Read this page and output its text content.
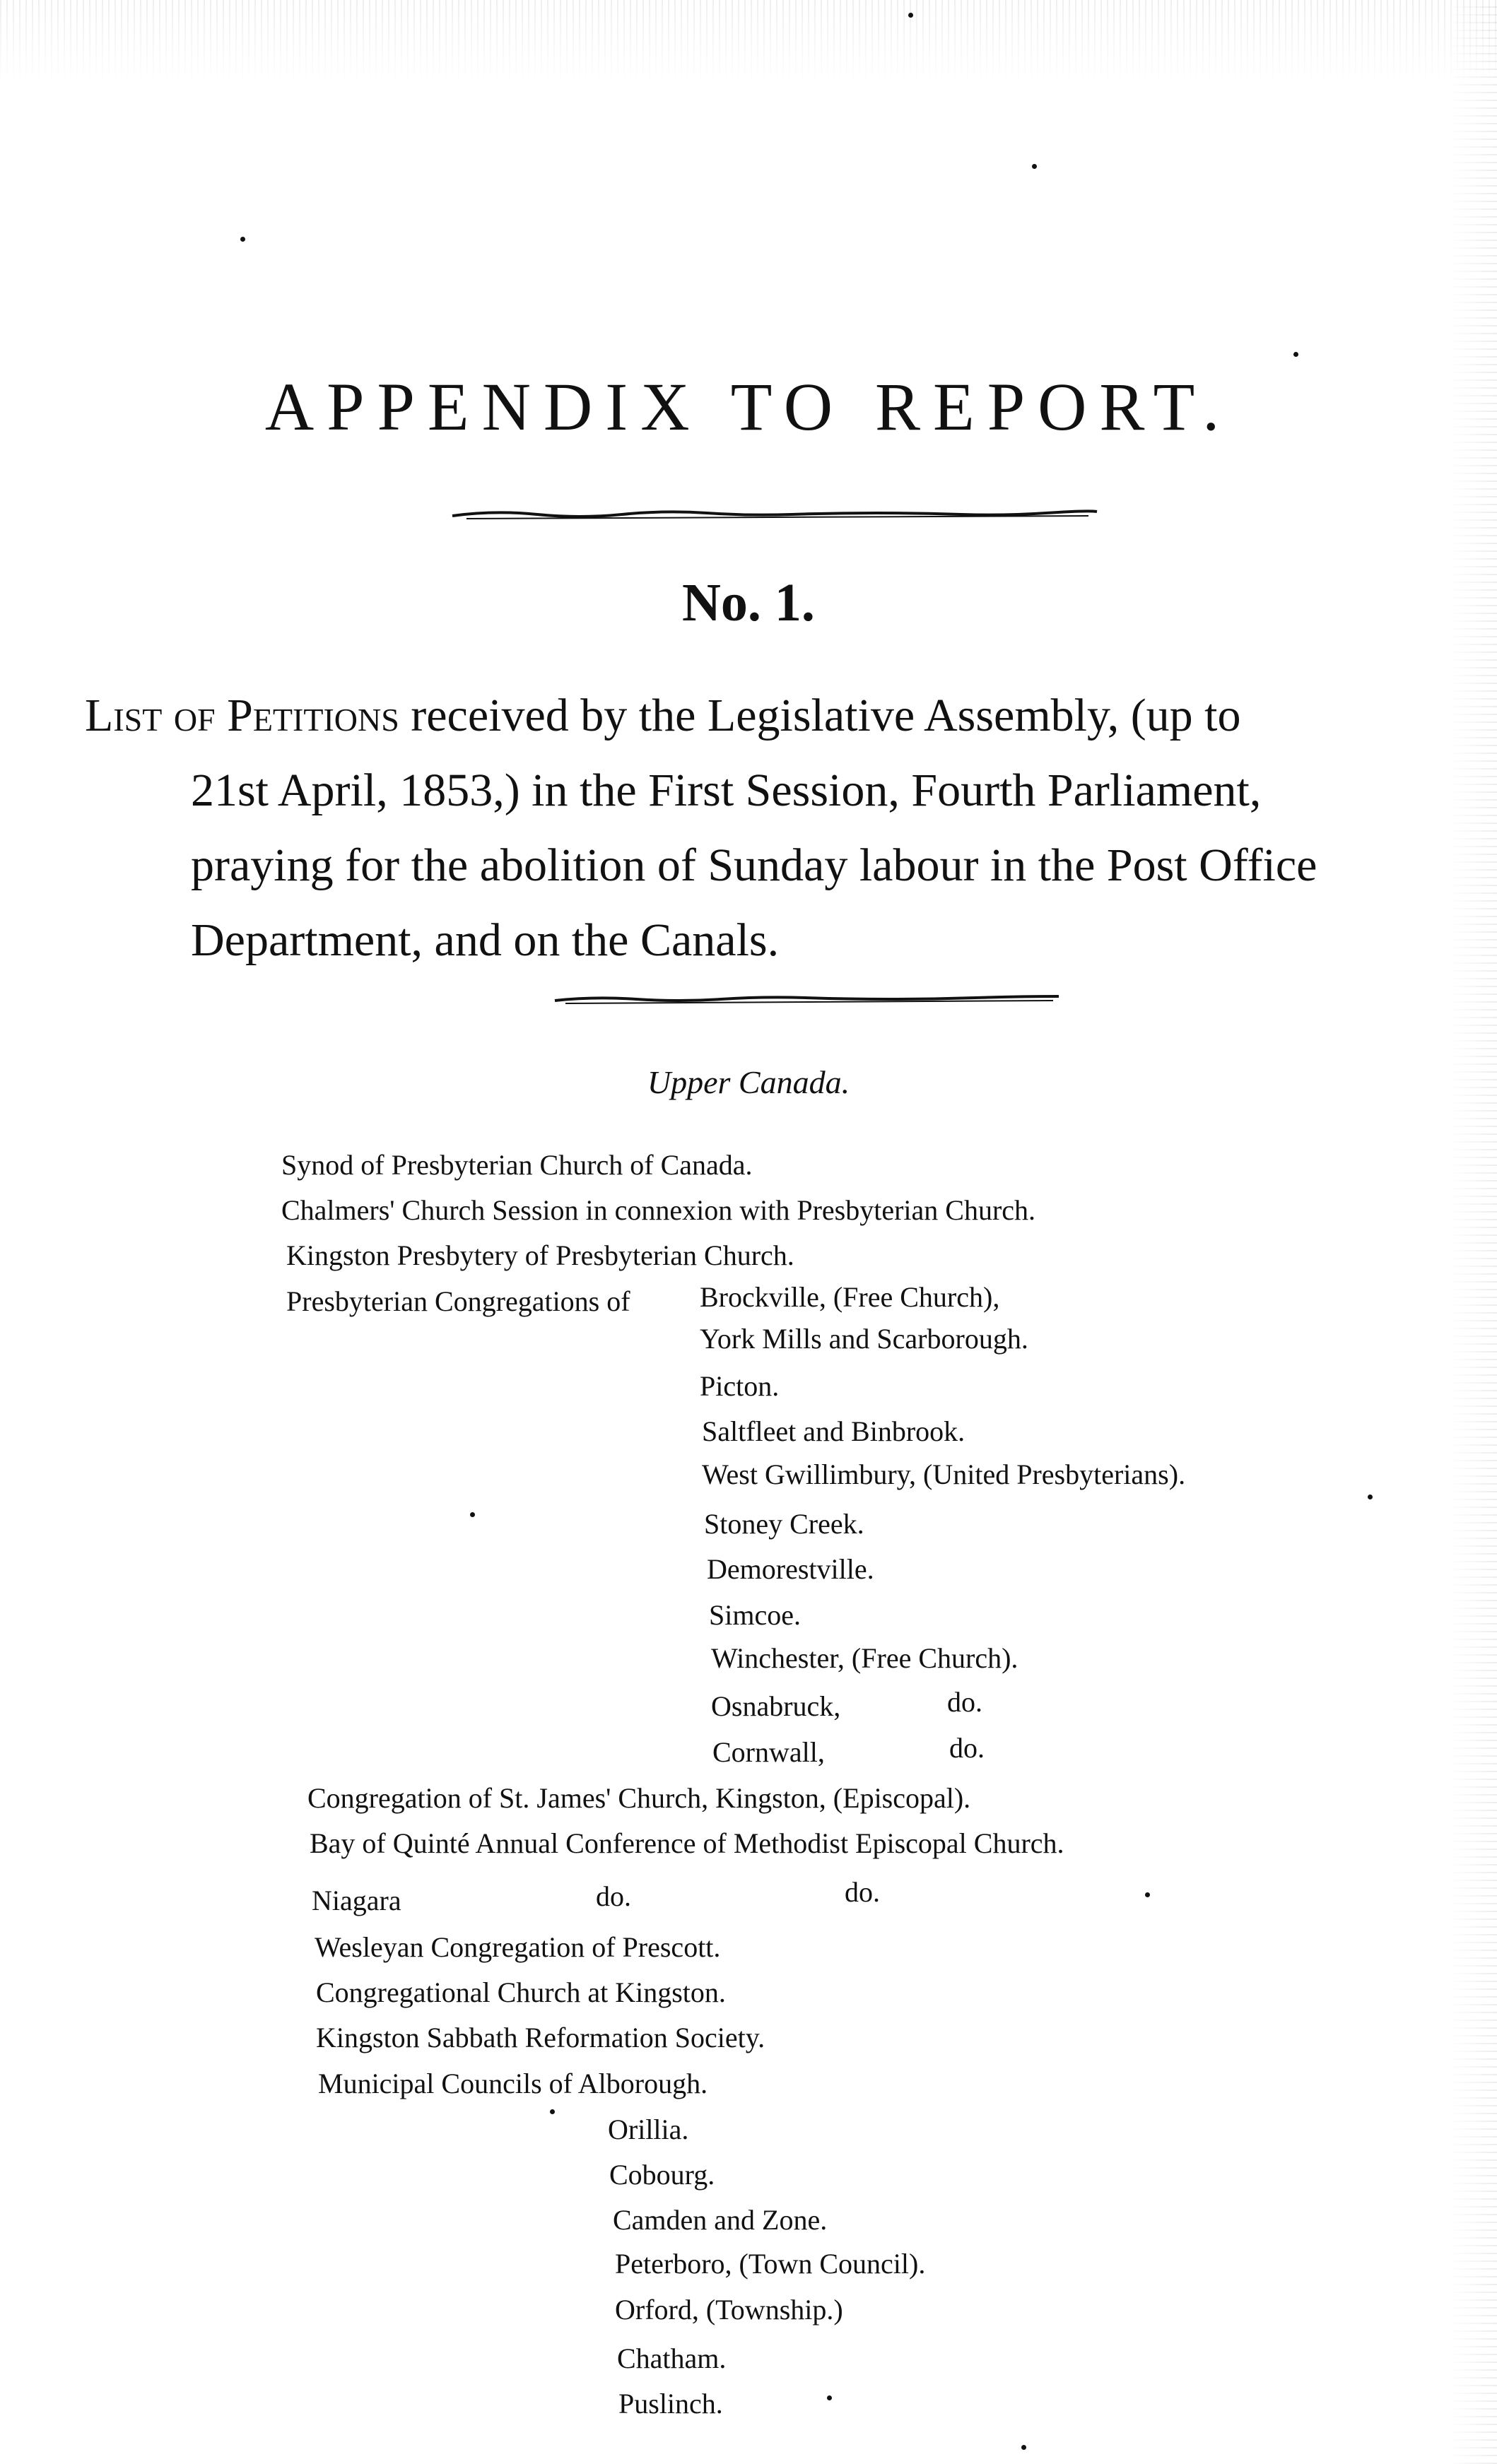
APPENDIX TO REPORT.
No. 1.

List of Petitions received by the Legislative Assembly, (up to
21st April, 1853,) in the First Session, Fourth Parliament,
praying for the abolition of Sunday labour in the Post Office
Department, and on the Canals.

Upper Canada.
Synod of Presbyterian Church of Canada.
Chalmers' Church Session in connexion with Presbyterian Church.
Kingston Presbytery of Presbyterian Church.
Presbyterian Congregations of Brockville, (Free Church),
York Mills and Scarborough.
Picton.
Saltfleet and Binbrook.
West Gwillimbury, (United Presbyterians).
Stoney Creek.
Demorestville.
Simcoe.
Winchester, (Free Church).
Osnabruck,	do.
Cornwall,	do.
Congregation of St. James' Church, Kingston, (Episcopal).
Bay of Quinté Annual Conference of Methodist Episcopal Church.
Niagara	do.	do.
Wesleyan Congregation of Prescott.
Congregational Church at Kingston.
Kingston Sabbath Reformation Society.
Municipal Councils of Alborough.
Orillia.
Cobourg.
Camden and Zone.
Peterboro, (Town Council).
Orford, (Township.)
Chatham.
Puslinch.
